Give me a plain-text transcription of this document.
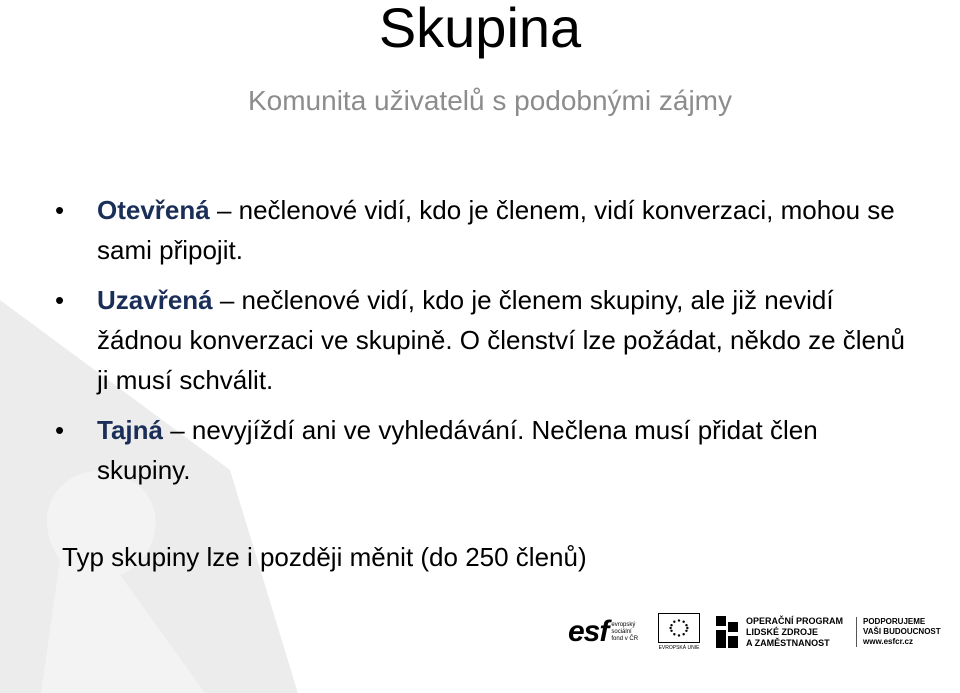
Skupina

Komunita uživatelů s podobnými zájmy

• Otevřená – nečlenové vidí, kdo je členem, vidí konverzaci, mohou se sami připojit.
• Uzavřená – nečlenové vidí, kdo je členem skupiny, ale již nevidí žádnou konverzaci ve skupině. O členství lze požádat, někdo ze členů ji musí schválit.
• Tajná – nevyjíždí ani ve vyhledávání. Nečlena musí přidat člen skupiny.
Typ skupiny lze i později měnit (do 250 členů)
esf evropský
sociální
fond v ČR
EVROPSKÁ UNIE
OPERAČNÍ PROGRAM
LIDSKÉ ZDROJE
A ZAMĚSTNANOST
PODPORUJEME
VAŠI BUDOUCNOST
www.esfcr.cz
